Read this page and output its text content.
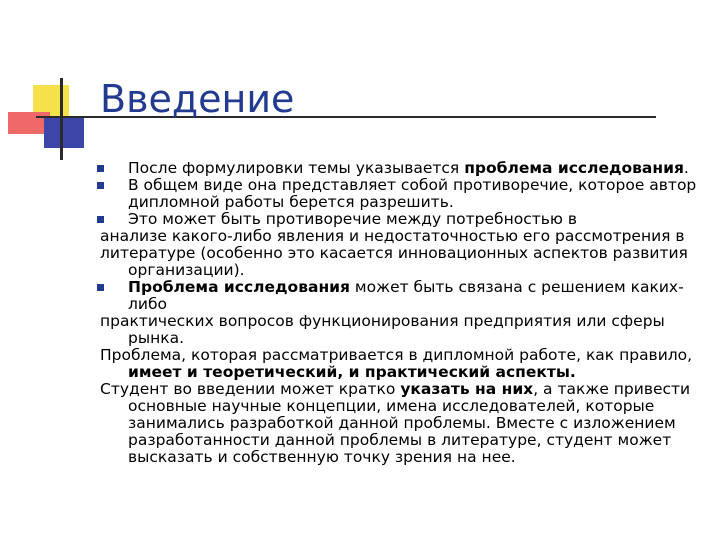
Введение
После формулировки темы указывается проблема исследования.
В общем виде она представляет собой противоречие, которое автор дипломной работы берется разрешить.
Это может быть противоречие между потребностью в
анализе какого-либо явления и недостаточностью его рассмотрения в
литературе (особенно это касается инновационных аспектов развития
организации).
Проблема исследования может быть связана с решением каких-
либо
практических вопросов функционирования предприятия или сферы
рынка.
Проблема, которая рассматривается в дипломной работе, как правило,
имеет и теоретический, и практический аспекты.
Студент во введении может кратко указать на них, а также привести основные научные концепции, имена исследователей, которые занимались разработкой данной проблемы. Вместе с изложением разработанности данной проблемы в литературе, студент может высказать и собственную точку зрения на нее.
